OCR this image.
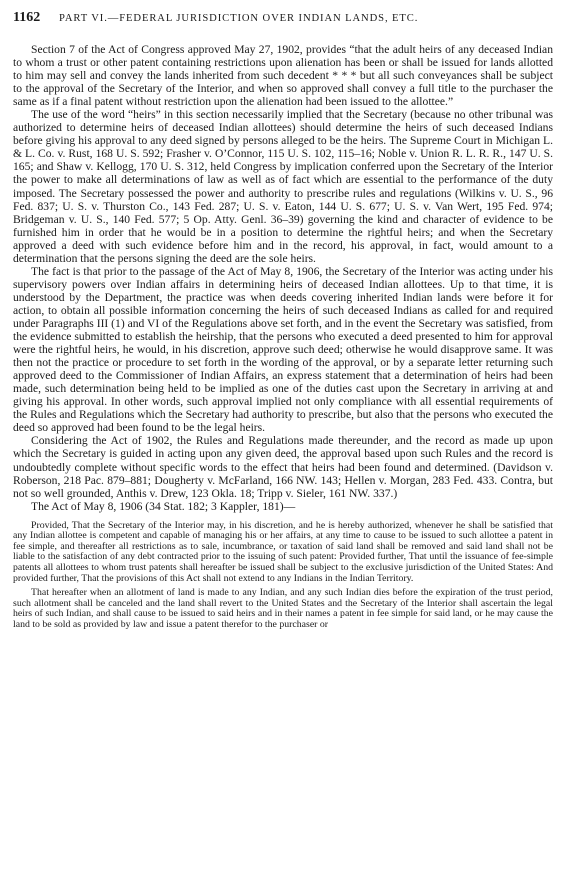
1162	PART VI.—FEDERAL JURISDICTION OVER INDIAN LANDS, ETC.

Section 7 of the Act of Congress approved May 27, 1902, provides “that the adult heirs of any deceased Indian to whom a trust or other patent containing restrictions upon alienation has been or shall be issued for lands allotted to him may sell and convey the lands inherited from such decedent * * * but all such conveyances shall be subject to the approval of the Secretary of the Interior, and when so approved shall convey a full title to the purchaser the same as if a final patent without restriction upon the alienation had been issued to the allottee.”

The use of the word “heirs” in this section necessarily implied that the Secretary (because no other tribunal was authorized to determine heirs of deceased Indian allottees) should determine the heirs of such deceased Indians before giving his approval to any deed signed by persons alleged to be the heirs. The Supreme Court in Michigan L. & L. Co. v. Rust, 168 U. S. 592; Frasher v. O’Connor, 115 U. S. 102, 115–16; Noble v. Union R. L. R. R., 147 U. S. 165; and Shaw v. Kellogg, 170 U. S. 312, held Congress by implication conferred upon the Secretary of the Interior the power to make all determinations of law as well as of fact which are essential to the performance of the duty imposed. The Secretary possessed the power and authority to prescribe rules and regulations (Wilkins v. U. S., 96 Fed. 837; U. S. v. Thurston Co., 143 Fed. 287; U. S. v. Eaton, 144 U. S. 677; U. S. v. Van Wert, 195 Fed. 974; Bridgeman v. U. S., 140 Fed. 577; 5 Op. Atty. Genl. 36–39) governing the kind and character of evidence to be furnished him in order that he would be in a position to determine the rightful heirs; and when the Secretary approved a deed with such evidence before him and in the record, his approval, in fact, would amount to a determination that the persons signing the deed are the sole heirs.

The fact is that prior to the passage of the Act of May 8, 1906, the Secretary of the Interior was acting under his supervisory powers over Indian affairs in determining heirs of deceased Indian allottees. Up to that time, it is understood by the Department, the practice was when deeds covering inherited Indian lands were before it for action, to obtain all possible information concerning the heirs of such deceased Indians as called for and required under Paragraphs III (1) and VI of the Regulations above set forth, and in the event the Secretary was satisfied, from the evidence submitted to establish the heirship, that the persons who executed a deed presented to him for approval were the rightful heirs, he would, in his discretion, approve such deed; otherwise he would disapprove same. It was then not the practice or procedure to set forth in the wording of the approval, or by a separate letter returning such approved deed to the Commissioner of Indian Affairs, an express statement that a determination of heirs had been made, such determination being held to be implied as one of the duties cast upon the Secretary in arriving at and giving his approval. In other words, such approval implied not only compliance with all essential requirements of the Rules and Regulations which the Secretary had authority to prescribe, but also that the persons who executed the deed so approved had been found to be the legal heirs.

Considering the Act of 1902, the Rules and Regulations made thereunder, and the record as made up upon which the Secretary is guided in acting upon any given deed, the approval based upon such Rules and the record is undoubtedly complete without specific words to the effect that heirs had been found and determined. (Davidson v. Roberson, 218 Pac. 879–881; Dougherty v. McFarland, 166 NW. 143; Hellen v. Morgan, 283 Fed. 433. Contra, but not so well grounded, Anthis v. Drew, 123 Okla. 18; Tripp v. Sieler, 161 NW. 337.)

The Act of May 8, 1906 (34 Stat. 182; 3 Kappler, 181)—

Provided, That the Secretary of the Interior may, in his discretion, and he is hereby authorized, whenever he shall be satisfied that any Indian allottee is competent and capable of managing his or her affairs, at any time to cause to be issued to such allottee a patent in fee simple, and thereafter all restrictions as to sale, incumbrance, or taxation of said land shall be removed and said land shall not be liable to the satisfaction of any debt contracted prior to the issuing of such patent: Provided further, That until the issuance of fee-simple patents all allottees to whom trust patents shall hereafter be issued shall be subject to the exclusive jurisdiction of the United States: And provided further, That the provisions of this Act shall not extend to any Indians in the Indian Territory.

That hereafter when an allotment of land is made to any Indian, and any such Indian dies before the expiration of the trust period, such allotment shall be canceled and the land shall revert to the United States and the Secretary of the Interior shall ascertain the legal heirs of such Indian, and shall cause to be issued to said heirs and in their names a patent in fee simple for said land, or he may cause the land to be sold as provided by law and issue a patent therefor to the purchaser or
